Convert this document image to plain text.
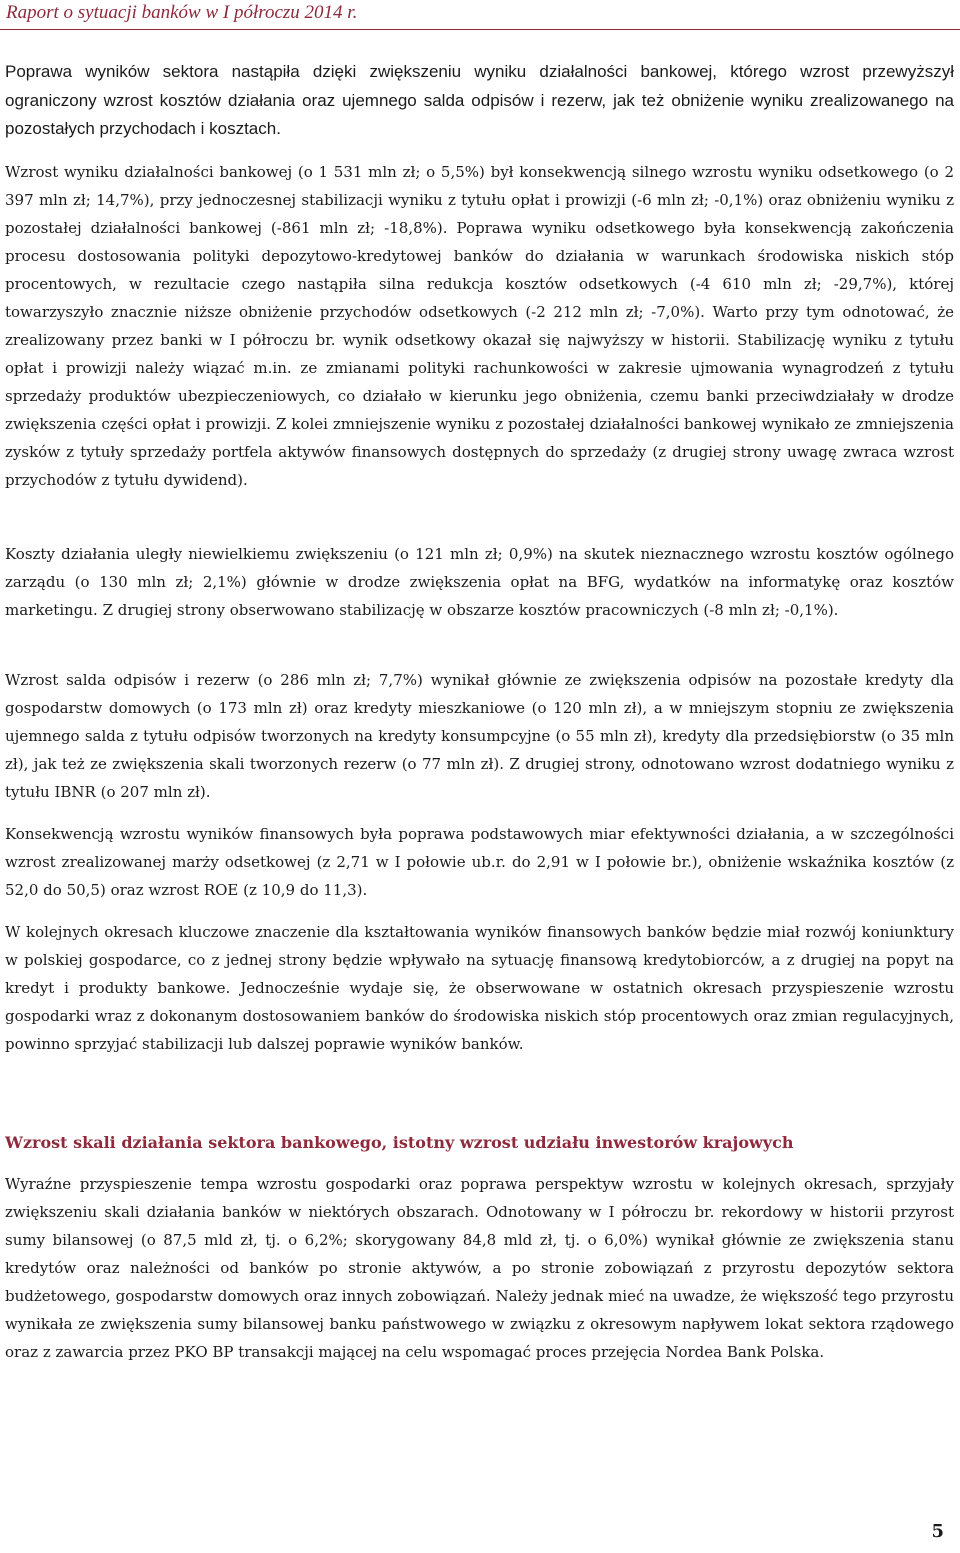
Raport o sytuacji banków w I półroczu 2014 r.

Poprawa wyników sektora nastąpiła dzięki zwiększeniu wyniku działalności bankowej, którego wzrost przewyższył ograniczony wzrost kosztów działania oraz ujemnego salda odpisów i rezerw, jak też obniżenie wyniku zrealizowanego na pozostałych przychodach i kosztach.

Wzrost wyniku działalności bankowej (o 1 531 mln zł; o 5,5%) był konsekwencją silnego wzrostu wyniku odsetkowego (o 2 397 mln zł; 14,7%), przy jednoczesnej stabilizacji wyniku z tytułu opłat i prowizji (-6 mln zł; -0,1%) oraz obniżeniu wyniku z pozostałej działalności bankowej (-861 mln zł; -18,8%). Poprawa wyniku odsetkowego była konsekwencją zakończenia procesu dostosowania polityki depozytowo-kredytowej banków do działania w warunkach środowiska niskich stóp procentowych, w rezultacie czego nastąpiła silna redukcja kosztów odsetkowych (-4 610 mln zł; -29,7%), której towarzyszyło znacznie niższe obniżenie przychodów odsetkowych (-2 212 mln zł; -7,0%). Warto przy tym odnotować, że zrealizowany przez banki w I półroczu br. wynik odsetkowy okazał się najwyższy w historii. Stabilizację wyniku z tytułu opłat i prowizji należy wiązać m.in. ze zmianami polityki rachunkowości w zakresie ujmowania wynagrodzeń z tytułu sprzedaży produktów ubezpieczeniowych, co działało w kierunku jego obniżenia, czemu banki przeciwdziałały w drodze zwiększenia części opłat i prowizji. Z kolei zmniejszenie wyniku z pozostałej działalności bankowej wynikało ze zmniejszenia zysków z tytuły sprzedaży portfela aktywów finansowych dostępnych do sprzedaży (z drugiej strony uwagę zwraca wzrost przychodów z tytułu dywidend).

Koszty działania uległy niewielkiemu zwiększeniu (o 121 mln zł; 0,9%) na skutek nieznacznego wzrostu kosztów ogólnego zarządu (o 130 mln zł; 2,1%) głównie w drodze zwiększenia opłat na BFG, wydatków na informatykę oraz kosztów marketingu. Z drugiej strony obserwowano stabilizację w obszarze kosztów pracowniczych (-8 mln zł; -0,1%).

Wzrost salda odpisów i rezerw (o 286 mln zł; 7,7%) wynikał głównie ze zwiększenia odpisów na pozostałe kredyty dla gospodarstw domowych (o 173 mln zł) oraz kredyty mieszkaniowe (o 120 mln zł), a w mniejszym stopniu ze zwiększenia ujemnego salda z tytułu odpisów tworzonych na kredyty konsumpcyjne (o 55 mln zł), kredyty dla przedsiębiorstw (o 35 mln zł), jak też ze zwiększenia skali tworzonych rezerw (o 77 mln zł). Z drugiej strony, odnotowano wzrost dodatniego wyniku z tytułu IBNR (o 207 mln zł).

Konsekwencją wzrostu wyników finansowych była poprawa podstawowych miar efektywności działania, a w szczególności wzrost zrealizowanej marży odsetkowej (z 2,71 w I połowie ub.r. do 2,91 w I połowie br.), obniżenie wskaźnika kosztów (z 52,0 do 50,5) oraz wzrost ROE (z 10,9 do 11,3).

W kolejnych okresach kluczowe znaczenie dla kształtowania wyników finansowych banków będzie miał rozwój koniunktury w polskiej gospodarce, co z jednej strony będzie wpływało na sytuację finansową kredytobiorców, a z drugiej na popyt na kredyt i produkty bankowe. Jednocześnie wydaje się, że obserwowane w ostatnich okresach przyspieszenie wzrostu gospodarki wraz z dokonanym dostosowaniem banków do środowiska niskich stóp procentowych oraz zmian regulacyjnych, powinno sprzyjać stabilizacji lub dalszej poprawie wyników banków.

Wzrost skali działania sektora bankowego, istotny wzrost udziału inwestorów krajowych

Wyraźne przyspieszenie tempa wzrostu gospodarki oraz poprawa perspektyw wzrostu w kolejnych okresach, sprzyjały zwiększeniu skali działania banków w niektórych obszarach. Odnotowany w I półroczu br. rekordowy w historii przyrost sumy bilansowej (o 87,5 mld zł, tj. o 6,2%; skorygowany 84,8 mld zł, tj. o 6,0%) wynikał głównie ze zwiększenia stanu kredytów oraz należności od banków po stronie aktywów, a po stronie zobowiązań z przyrostu depozytów sektora budżetowego, gospodarstw domowych oraz innych zobowiązań. Należy jednak mieć na uwadze, że większość tego przyrostu wynikała ze zwiększenia sumy bilansowej banku państwowego w związku z okresowym napływem lokat sektora rządowego oraz z zawarcia przez PKO BP transakcji mającej na celu wspomagać proces przejęcia Nordea Bank Polska.

5
